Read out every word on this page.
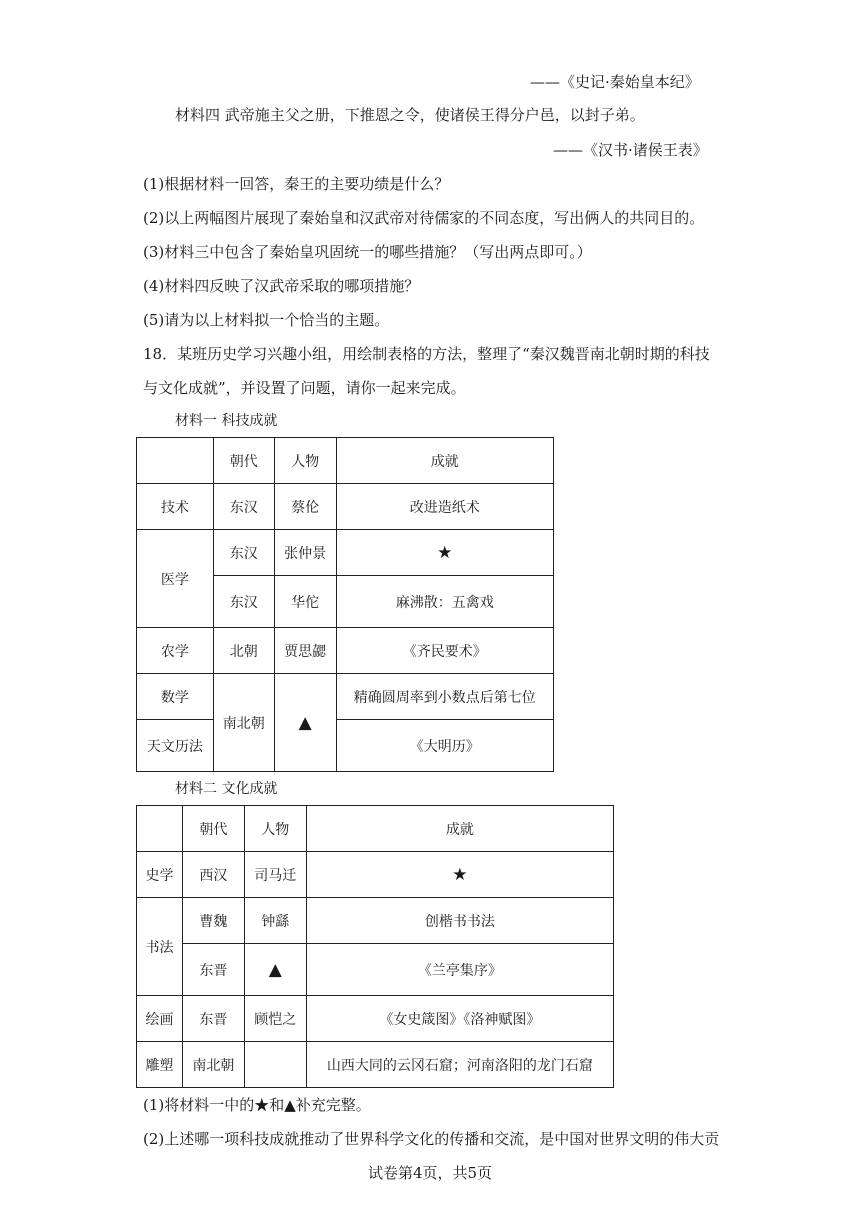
——《史记·秦始皇本纪》
材料四 武帝施主父之册，下推恩之令，使诸侯王得分户邑，以封子弟。
——《汉书·诸侯王表》
(1)根据材料一回答，秦王的主要功绩是什么？
(2)以上两幅图片展现了秦始皇和汉武帝对待儒家的不同态度，写出俩人的共同目的。
(3)材料三中包含了秦始皇巩固统一的哪些措施？（写出两点即可。）
(4)材料四反映了汉武帝采取的哪项措施？
(5)请为以上材料拟一个恰当的主题。
18．某班历史学习兴趣小组，用绘制表格的方法，整理了“秦汉魏晋南北朝时期的科技
与文化成就”，并设置了问题，请你一起来完成。
材料一 科技成就
	朝代	人物	成就
技术	东汉	蔡伦	改进造纸术
医学	东汉	张仲景	★
	东汉	华佗	麻沸散：五禽戏
农学	北朝	贾思勰	《齐民要术》
数学	南北朝	▲	精确圆周率到小数点后第七位
天文历法			《大明历》
材料二 文化成就
	朝代	人物	成就
史学	西汉	司马迁	★
书法	曹魏	钟繇	创楷书书法
	东晋	▲	《兰亭集序》
绘画	东晋	顾恺之	《女史箴图》《洛神赋图》
雕塑	南北朝		山西大同的云冈石窟；河南洛阳的龙门石窟
(1)将材料一中的★和▲补充完整。
(2)上述哪一项科技成就推动了世界科学文化的传播和交流，是中国对世界文明的伟大贡
试卷第4页，共5页
